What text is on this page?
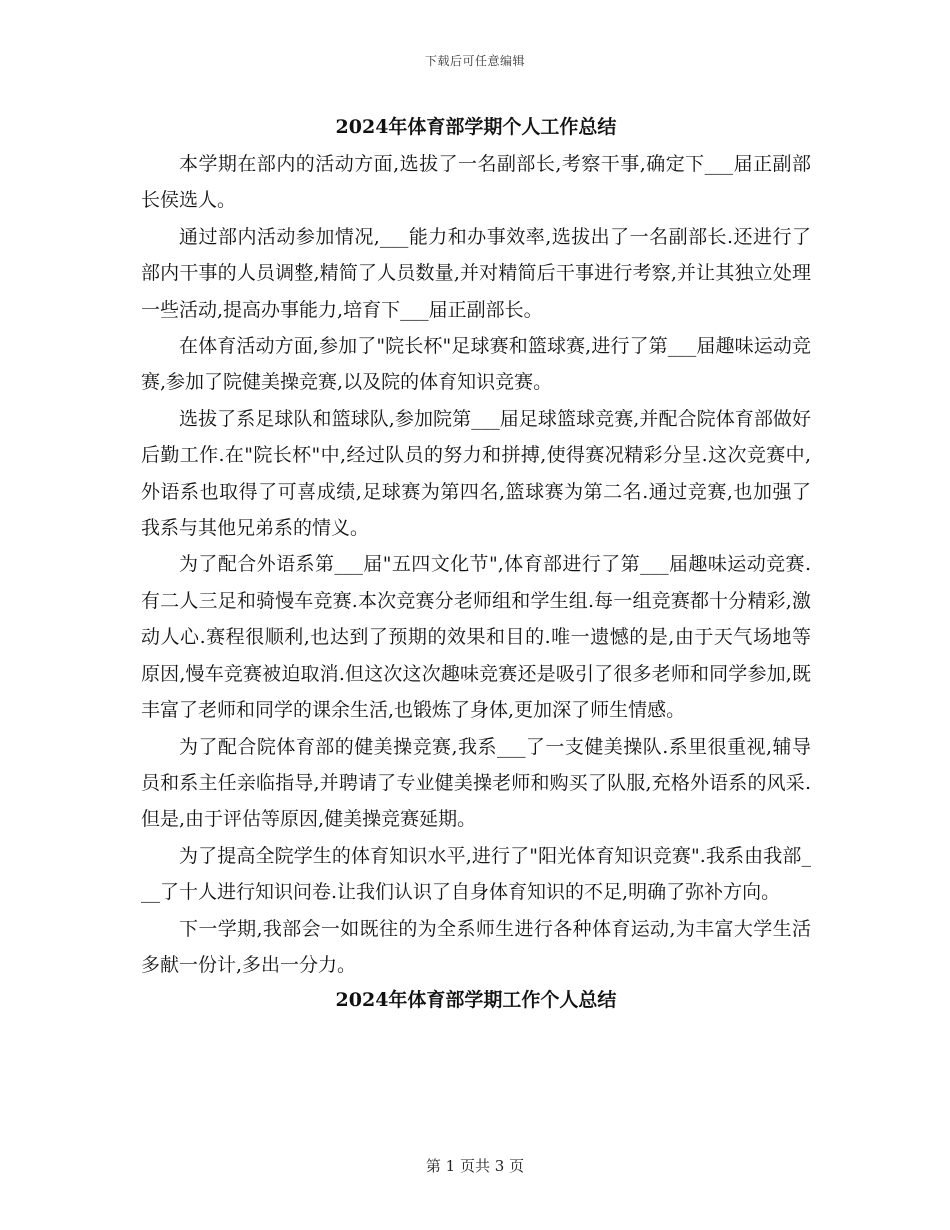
下载后可任意编辑
2024年体育部学期个人工作总结

本学期在部内的活动方面,选拔了一名副部长,考察干事,确定下___届正副部长侯选人。

通过部内活动参加情况,___能力和办事效率,选拔出了一名副部长.还进行了部内干事的人员调整,精简了人员数量,并对精简后干事进行考察,并让其独立处理一些活动,提高办事能力,培育下___届正副部长。

在体育活动方面,参加了"院长杯"足球赛和篮球赛,进行了第___届趣味运动竞赛,参加了院健美操竞赛,以及院的体育知识竞赛。

选拔了系足球队和篮球队,参加院第___届足球篮球竞赛,并配合院体育部做好后勤工作.在"院长杯"中,经过队员的努力和拼搏,使得赛况精彩分呈.这次竞赛中,外语系也取得了可喜成绩,足球赛为第四名,篮球赛为第二名.通过竞赛,也加强了我系与其他兄弟系的情义。

为了配合外语系第___届"五四文化节",体育部进行了第___届趣味运动竞赛.有二人三足和骑慢车竞赛.本次竞赛分老师组和学生组.每一组竞赛都十分精彩,激动人心.赛程很顺利,也达到了预期的效果和目的.唯一遗憾的是,由于天气场地等原因,慢车竞赛被迫取消.但这次这次趣味竞赛还是吸引了很多老师和同学参加,既丰富了老师和同学的课余生活,也锻炼了身体,更加深了师生情感。

为了配合院体育部的健美操竞赛,我系___了一支健美操队.系里很重视,辅导员和系主任亲临指导,并聘请了专业健美操老师和购买了队服,充格外语系的风采.但是,由于评估等原因,健美操竞赛延期。

为了提高全院学生的体育知识水平,进行了"阳光体育知识竞赛".我系由我部___了十人进行知识问卷.让我们认识了自身体育知识的不足,明确了弥补方向。

下一学期,我部会一如既往的为全系师生进行各种体育运动,为丰富大学生活多献一份计,多出一分力。

2024年体育部学期工作个人总结
第 1 页共 3 页
